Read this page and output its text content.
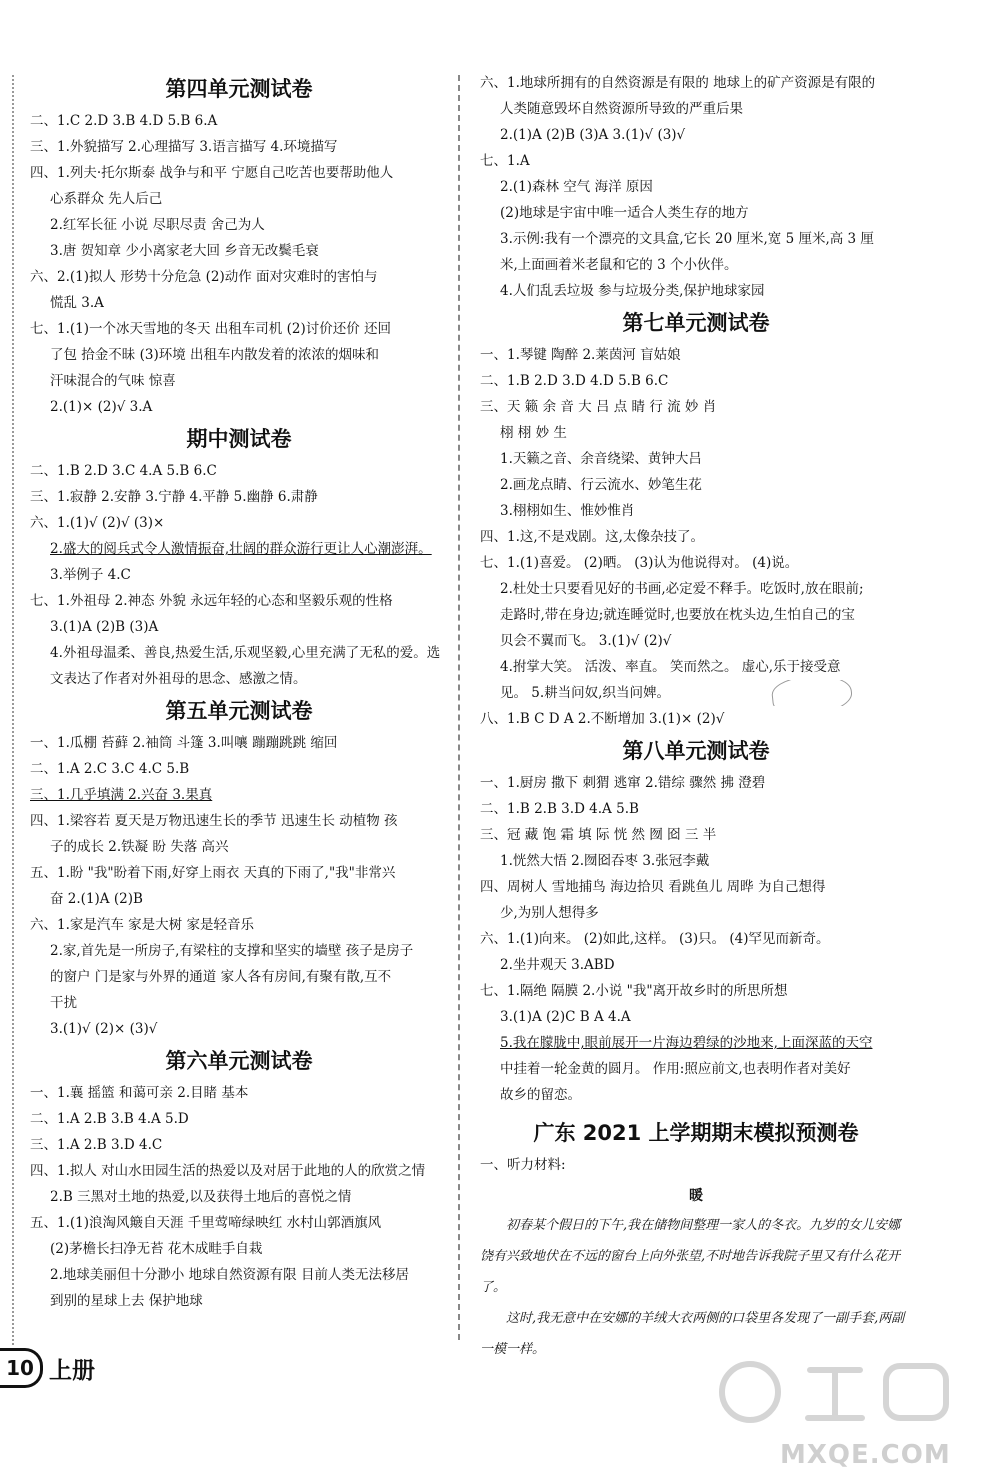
第四单元测试卷
二、1.C 2.D 3.B 4.D 5.B 6.A
三、1.外貌描写 2.心理描写 3.语言描写 4.环境描写
四、1.列夫·托尔斯泰 战争与和平 宁愿自己吃苦也要帮助他人
心系群众 先人后己
2.红军长征 小说 尽职尽责 舍己为人
3.唐 贺知章 少小离家老大回 乡音无改鬓毛衰
六、2.(1)拟人 形势十分危急 (2)动作 面对灾难时的害怕与
慌乱 3.A
七、1.(1)一个冰天雪地的冬天 出租车司机 (2)讨价还价 还回
了包 拾金不昧 (3)环境 出租车内散发着的浓浓的烟味和
汗味混合的气味 惊喜
2.(1)× (2)√ 3.A
期中测试卷
二、1.B 2.D 3.C 4.A 5.B 6.C
三、1.寂静 2.安静 3.宁静 4.平静 5.幽静 6.肃静
六、1.(1)√ (2)√ (3)×
2.盛大的阅兵式令人激情振奋,壮阔的群众游行更让人心潮澎湃。
3.举例子 4.C
七、1.外祖母 2.神态 外貌 永远年轻的心态和坚毅乐观的性格
3.(1)A (2)B (3)A
4.外祖母温柔、善良,热爱生活,乐观坚毅,心里充满了无私的爱。选
文表达了作者对外祖母的思念、感激之情。
第五单元测试卷
一、1.瓜棚 苔藓 2.袖筒 斗篷 3.叫嚷 蹦蹦跳跳 缩回
二、1.A 2.C 3.C 4.C 5.B
三、1.几乎填满 2.兴奋 3.果真
四、1.梁容若 夏天是万物迅速生长的季节 迅速生长 动植物 孩
子的成长 2.铁凝 盼 失落 高兴
五、1.盼 "我"盼着下雨,好穿上雨衣 天真的下雨了,"我"非常兴
奋 2.(1)A (2)B
六、1.家是汽车 家是大树 家是轻音乐
2.家,首先是一所房子,有梁柱的支撑和坚实的墙壁 孩子是房子
的窗户 门是家与外界的通道 家人各有房间,有聚有散,互不
干扰
3.(1)√ (2)× (3)√
第六单元测试卷
一、1.襄 摇篮 和蔼可亲 2.目睹 基本
二、1.A 2.B 3.B 4.A 5.D
三、1.A 2.B 3.D 4.C
四、1.拟人 对山水田园生活的热爱以及对居于此地的人的欣赏之情
2.B 三黑对土地的热爱,以及获得土地后的喜悦之情
五、1.(1)浪淘风簸自天涯 千里莺啼绿映红 水村山郭酒旗风
(2)茅檐长扫净无苔 花木成畦手自栽
2.地球美丽但十分渺小 地球自然资源有限 目前人类无法移居
到别的星球上去 保护地球
六、1.地球所拥有的自然资源是有限的 地球上的矿产资源是有限的
人类随意毁坏自然资源所导致的严重后果
2.(1)A (2)B (3)A 3.(1)√ (3)√
七、1.A
2.(1)森林 空气 海洋 原因
(2)地球是宇宙中唯一适合人类生存的地方
3.示例:我有一个漂亮的文具盒,它长 20 厘米,宽 5 厘米,高 3 厘
米,上面画着米老鼠和它的 3 个小伙伴。
4.人们乱丢垃圾 参与垃圾分类,保护地球家园
第七单元测试卷
一、1.琴键 陶醉 2.莱茵河 盲姑娘
二、1.B 2.D 3.D 4.D 5.B 6.C
三、天 籁 余 音 大 吕 点 睛 行 流 妙 肖
栩 栩 妙 生
1.天籁之音、余音绕梁、黄钟大吕
2.画龙点睛、行云流水、妙笔生花
3.栩栩如生、惟妙惟肖
四、1.这,不是戏剧。这,太像杂技了。
七、1.(1)喜爱。 (2)晒。 (3)认为他说得对。 (4)说。
2.杜处士只要看见好的书画,必定爱不释手。吃饭时,放在眼前;
走路时,带在身边;就连睡觉时,也要放在枕头边,生怕自己的宝
贝会不翼而飞。 3.(1)√ (2)√
4.拊掌大笑。 活泼、率直。 笑而然之。 虚心,乐于接受意
见。 5.耕当问奴,织当问婢。
八、1.B C D A 2.不断增加 3.(1)× (2)√
第八单元测试卷
一、1.厨房 撒下 刺猬 逃窜 2.错综 骤然 拂 澄碧
二、1.B 2.B 3.D 4.A 5.B
三、冠 藏 饱 霜 填 际 恍 然 囫 囵 三 半
1.恍然大悟 2.囫囵吞枣 3.张冠李戴
四、周树人 雪地捕鸟 海边拾贝 看跳鱼儿 周晔 为自己想得
少,为别人想得多
六、1.(1)向来。 (2)如此,这样。 (3)只。 (4)罕见而新奇。
2.坐井观天 3.ABD
七、1.隔绝 隔膜 2.小说 "我"离开故乡时的所思所想
3.(1)A (2)C B A 4.A
5.我在朦胧中,眼前展开一片海边碧绿的沙地来,上面深蓝的天空
中挂着一轮金黄的圆月。 作用:照应前文,也表明作者对美好
故乡的留恋。
广东 2021 上学期期末模拟预测卷
一、听力材料:
暖

初春某个假日的下午,我在储物间整理一家人的冬衣。九岁的女儿安娜饶有兴致地伏在不远的窗台上向外张望,不时地告诉我院子里又有什么花开了。

这时,我无意中在安娜的羊绒大衣两侧的口袋里各发现了一副手套,两副一模一样。

10 上册
MXQE.COM
